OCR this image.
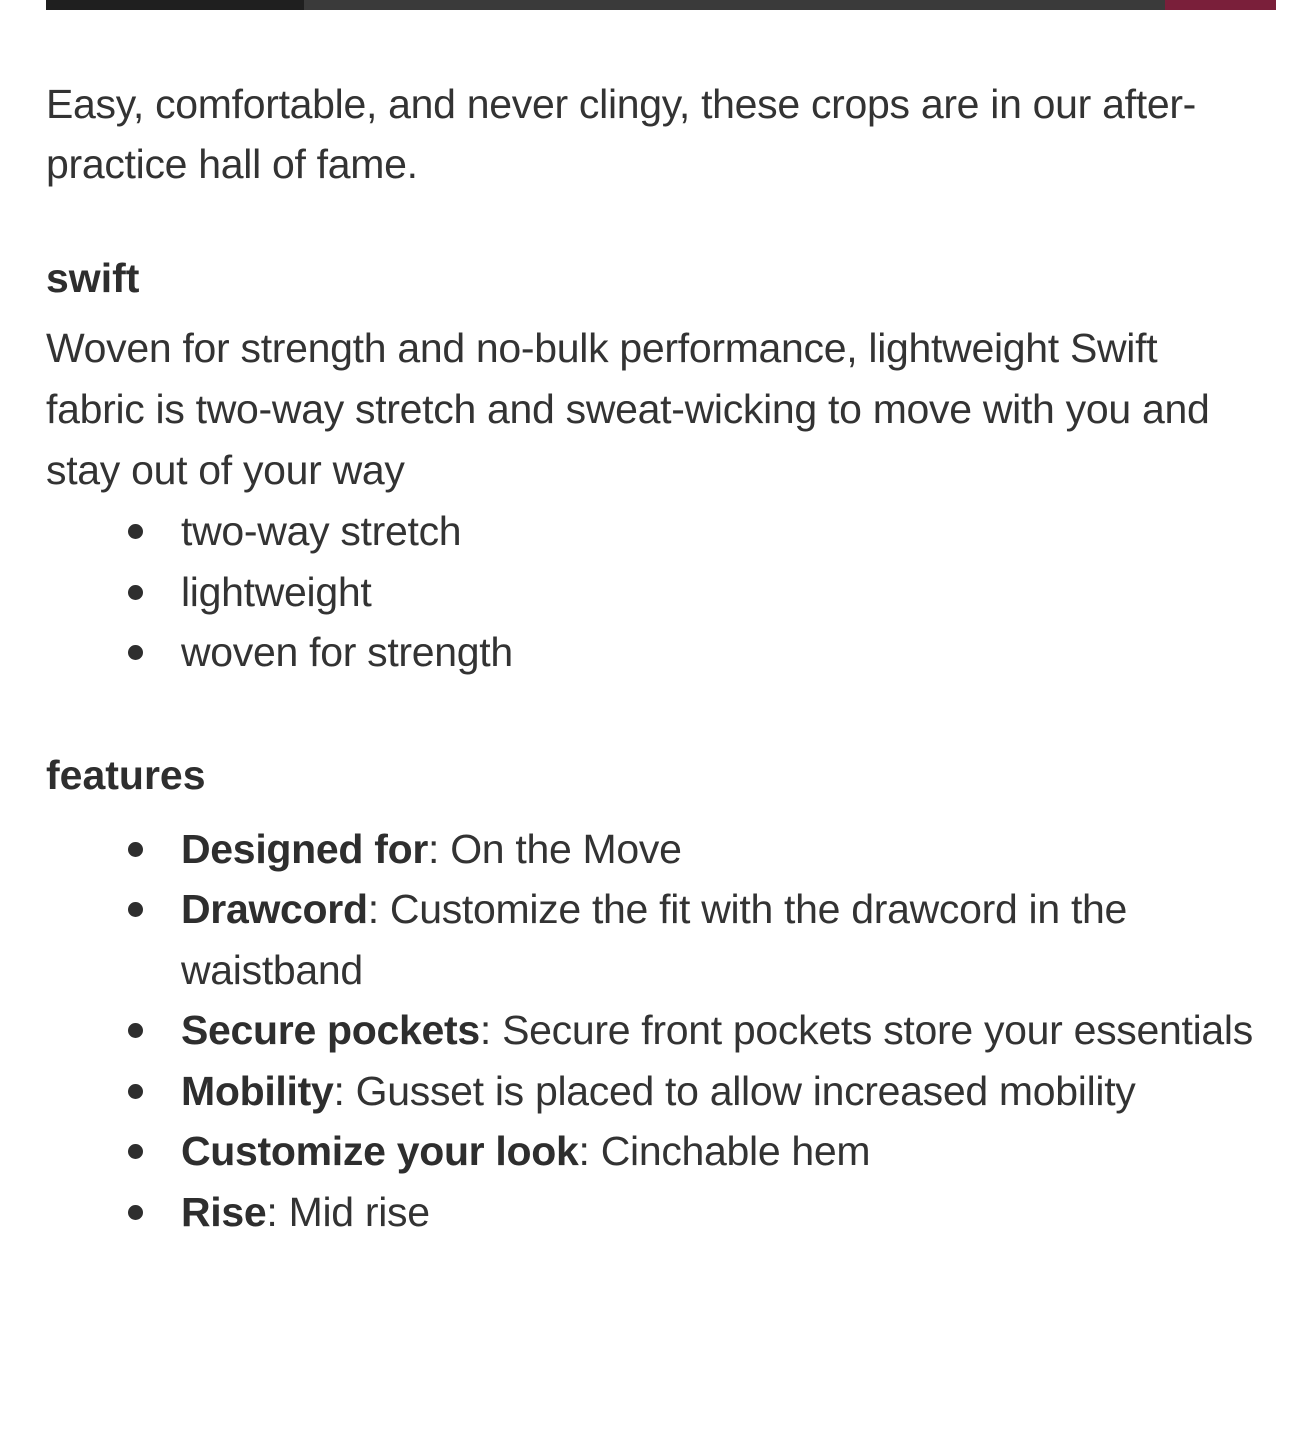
Easy, comfortable, and never clingy, these crops are in our after-practice hall of fame.

swift

Woven for strength and no-bulk performance, lightweight Swift fabric is two-way stretch and sweat-wicking to move with you and stay out of your way

two-way stretch
lightweight
woven for strength
features
Designed for: On the Move
Drawcord: Customize the fit with the drawcord in the waistband
Secure pockets: Secure front pockets store your essentials
Mobility: Gusset is placed to allow increased mobility
Customize your look: Cinchable hem
Rise: Mid rise
